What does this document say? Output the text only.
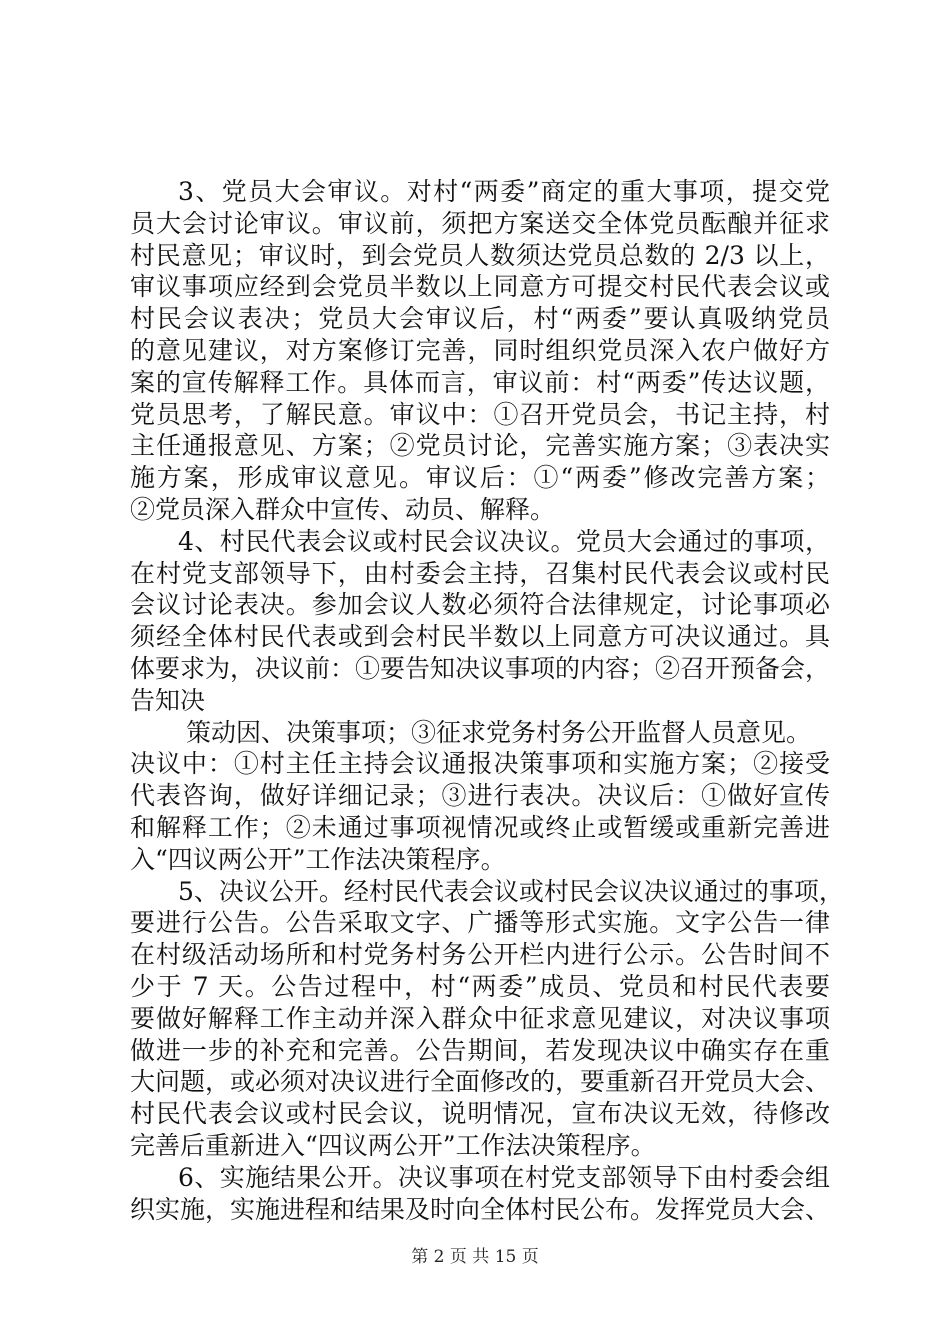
3、党员大会审议。对村“两委”商定的重大事项，提交党
员大会讨论审议。审议前，须把方案送交全体党员酝酿并征求
村民意见；审议时，到会党员人数须达党员总数的 2/3 以上，
审议事项应经到会党员半数以上同意方可提交村民代表会议或
村民会议表决；党员大会审议后，村“两委”要认真吸纳党员
的意见建议，对方案修订完善，同时组织党员深入农户做好方
案的宣传解释工作。具体而言，审议前：村“两委”传达议题，
党员思考，了解民意。审议中：①召开党员会，书记主持，村
主任通报意见、方案；②党员讨论，完善实施方案；③表决实
施方案，形成审议意见。审议后：①“两委”修改完善方案；
②党员深入群众中宣传、动员、解释。
4、村民代表会议或村民会议决议。党员大会通过的事项，
在村党支部领导下，由村委会主持，召集村民代表会议或村民
会议讨论表决。参加会议人数必须符合法律规定，讨论事项必
须经全体村民代表或到会村民半数以上同意方可决议通过。具
体要求为，决议前：①要告知决议事项的内容；②召开预备会，
告知决
策动因、决策事项；③征求党务村务公开监督人员意见。
决议中：①村主任主持会议通报决策事项和实施方案；②接受
代表咨询，做好详细记录；③进行表决。决议后：①做好宣传
和解释工作；②未通过事项视情况或终止或暂缓或重新完善进
入“四议两公开”工作法决策程序。
5、决议公开。经村民代表会议或村民会议决议通过的事项，
要进行公告。公告采取文字、广播等形式实施。文字公告一律
在村级活动场所和村党务村务公开栏内进行公示。公告时间不
少于 7 天。公告过程中，村“两委”成员、党员和村民代表要
要做好解释工作主动并深入群众中征求意见建议，对决议事项
做进一步的补充和完善。公告期间，若发现决议中确实存在重
大问题，或必须对决议进行全面修改的，要重新召开党员大会、
村民代表会议或村民会议，说明情况，宣布决议无效，待修改
完善后重新进入“四议两公开”工作法决策程序。
6、实施结果公开。决议事项在村党支部领导下由村委会组
织实施，实施进程和结果及时向全体村民公布。发挥党员大会、
第 2 页 共 15 页
